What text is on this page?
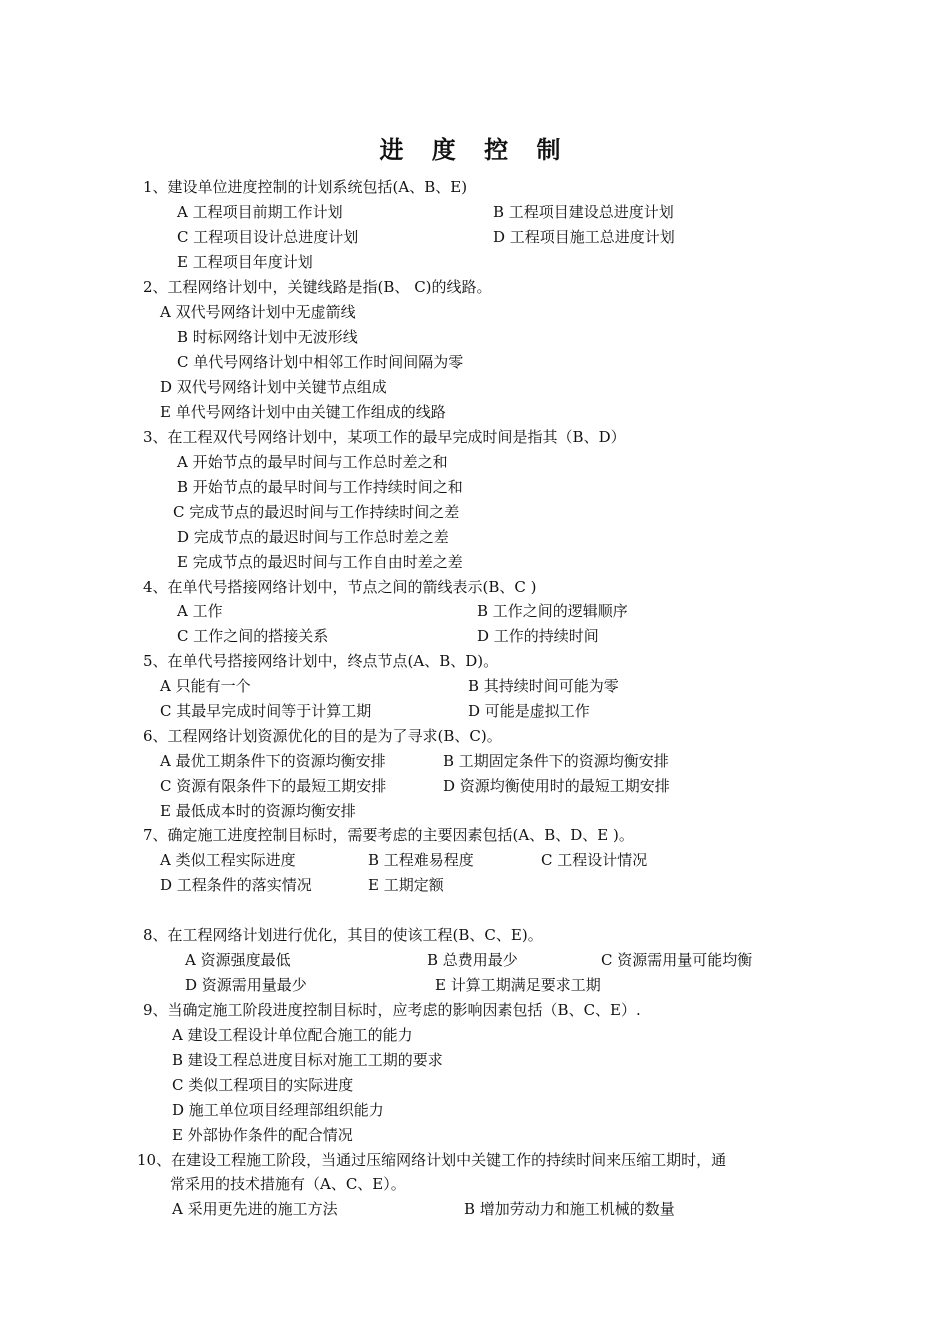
进 度 控 制
1、建设单位进度控制的计划系统包括(A、B、E)
A 工程项目前期工作计划	B 工程项目建设总进度计划
C 工程项目设计总进度计划	D 工程项目施工总进度计划
E 工程项目年度计划
2、工程网络计划中，关键线路是指(B、 C)的线路。
A 双代号网络计划中无虚箭线
B 时标网络计划中无波形线
C 单代号网络计划中相邻工作时间间隔为零
D 双代号网络计划中关键节点组成
E 单代号网络计划中由关键工作组成的线路
3、在工程双代号网络计划中，某项工作的最早完成时间是指其（B、D）
A 开始节点的最早时间与工作总时差之和
B 开始节点的最早时间与工作持续时间之和
C 完成节点的最迟时间与工作持续时间之差
D 完成节点的最迟时间与工作总时差之差
E 完成节点的最迟时间与工作自由时差之差
4、在单代号搭接网络计划中，节点之间的箭线表示(B、C )
A 工作	B 工作之间的逻辑顺序
C 工作之间的搭接关系	D 工作的持续时间
5、在单代号搭接网络计划中，终点节点(A、B、D)。
A 只能有一个	B 其持续时间可能为零
C 其最早完成时间等于计算工期	D 可能是虚拟工作
6、工程网络计划资源优化的目的是为了寻求(B、C)。
A 最优工期条件下的资源均衡安排	B 工期固定条件下的资源均衡安排
C 资源有限条件下的最短工期安排	D 资源均衡使用时的最短工期安排
E 最低成本时的资源均衡安排
7、确定施工进度控制目标时，需要考虑的主要因素包括(A、B、D、E )。
A 类似工程实际进度	B 工程难易程度	C 工程设计情况
D 工程条件的落实情况	E 工期定额
8、在工程网络计划进行优化，其目的使该工程(B、C、E)。
A 资源强度最低	B 总费用最少	C 资源需用量可能均衡
D 资源需用量最少	E 计算工期满足要求工期
9、当确定施工阶段进度控制目标时，应考虑的影响因素包括（B、C、E）.
A 建设工程设计单位配合施工的能力
B 建设工程总进度目标对施工工期的要求
C 类似工程项目的实际进度
D 施工单位项目经理部组织能力
E 外部协作条件的配合情况
10、在建设工程施工阶段，当通过压缩网络计划中关键工作的持续时间来压缩工期时，通
常采用的技术措施有（A、C、E）。
A 采用更先进的施工方法	B 增加劳动力和施工机械的数量
